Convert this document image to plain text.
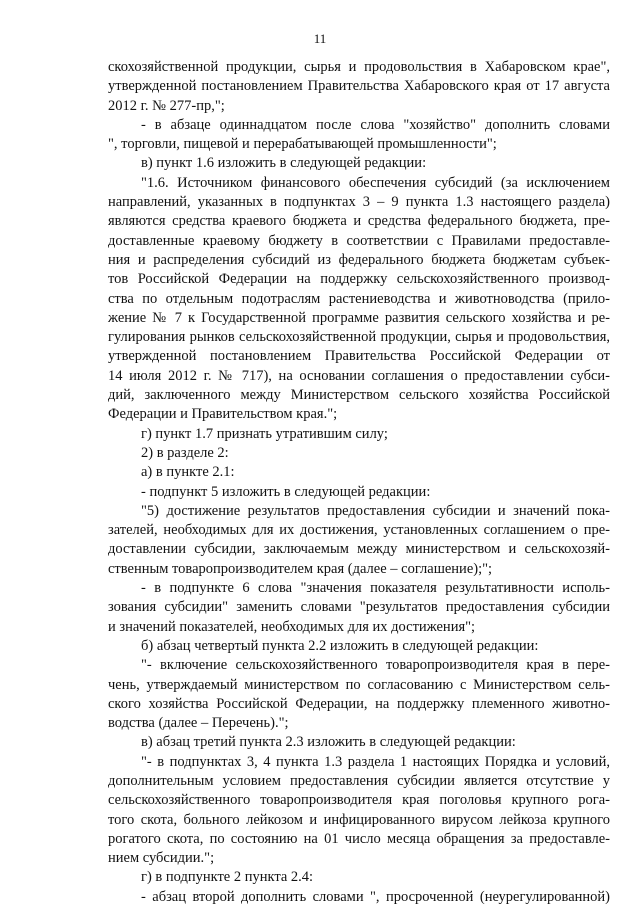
11
скохозяйственной продукции, сырья и продовольствия в Хабаровском крае",
утвержденной постановлением Правительства Хабаровского края от 17 августа
2012 г. № 277-пр,";
- в абзаце одиннадцатом после слова "хозяйство" дополнить словами
", торговли, пищевой и перерабатывающей промышленности";
в) пункт 1.6 изложить в следующей редакции:
"1.6. Источником финансового обеспечения субсидий (за исключением
направлений, указанных в подпунктах 3 – 9 пункта 1.3 настоящего раздела)
являются средства краевого бюджета и средства федерального бюджета, пре-
доставленные краевому бюджету в соответствии с Правилами предоставле-
ния и распределения субсидий из федерального бюджета бюджетам субъек-
тов Российской Федерации на поддержку сельскохозяйственного производ-
ства по отдельным подотраслям растениеводства и животноводства (прило-
жение № 7 к Государственной программе развития сельского хозяйства и ре-
гулирования рынков сельскохозяйственной продукции, сырья и продовольствия,
утвержденной постановлением Правительства Российской Федерации от
14 июля 2012 г. № 717), на основании соглашения о предоставлении субси-
дий, заключенного между Министерством сельского хозяйства Российской
Федерации и Правительством края.";
г) пункт 1.7 признать утратившим силу;
2) в разделе 2:
а) в пункте 2.1:
- подпункт 5 изложить в следующей редакции:
"5) достижение результатов предоставления субсидии и значений пока-
зателей, необходимых для их достижения, установленных соглашением о пре-
доставлении субсидии, заключаемым между министерством и сельскохозяй-
ственным товаропроизводителем края (далее – соглашение);";
- в подпункте 6 слова "значения показателя результативности исполь-
зования субсидии" заменить словами "результатов предоставления субсидии
и значений показателей, необходимых для их достижения";
б) абзац четвертый пункта 2.2 изложить в следующей редакции:
"- включение сельскохозяйственного товаропроизводителя края в пере-
чень, утверждаемый министерством по согласованию с Министерством сель-
ского хозяйства Российской Федерации, на поддержку племенного животно-
водства (далее – Перечень).";
в) абзац третий пункта 2.3 изложить в следующей редакции:
"- в подпунктах 3, 4 пункта 1.3 раздела 1 настоящих Порядка и условий,
дополнительным условием предоставления субсидии является отсутствие у
сельскохозяйственного товаропроизводителя края поголовья крупного рога-
того скота, больного лейкозом и инфицированного вирусом лейкоза крупного
рогатого скота, по состоянию на 01 число месяца обращения за предоставле-
нием субсидии.";
г) в подпункте 2 пункта 2.4:
- абзац второй дополнить словами ", просроченной (неурегулированной)
